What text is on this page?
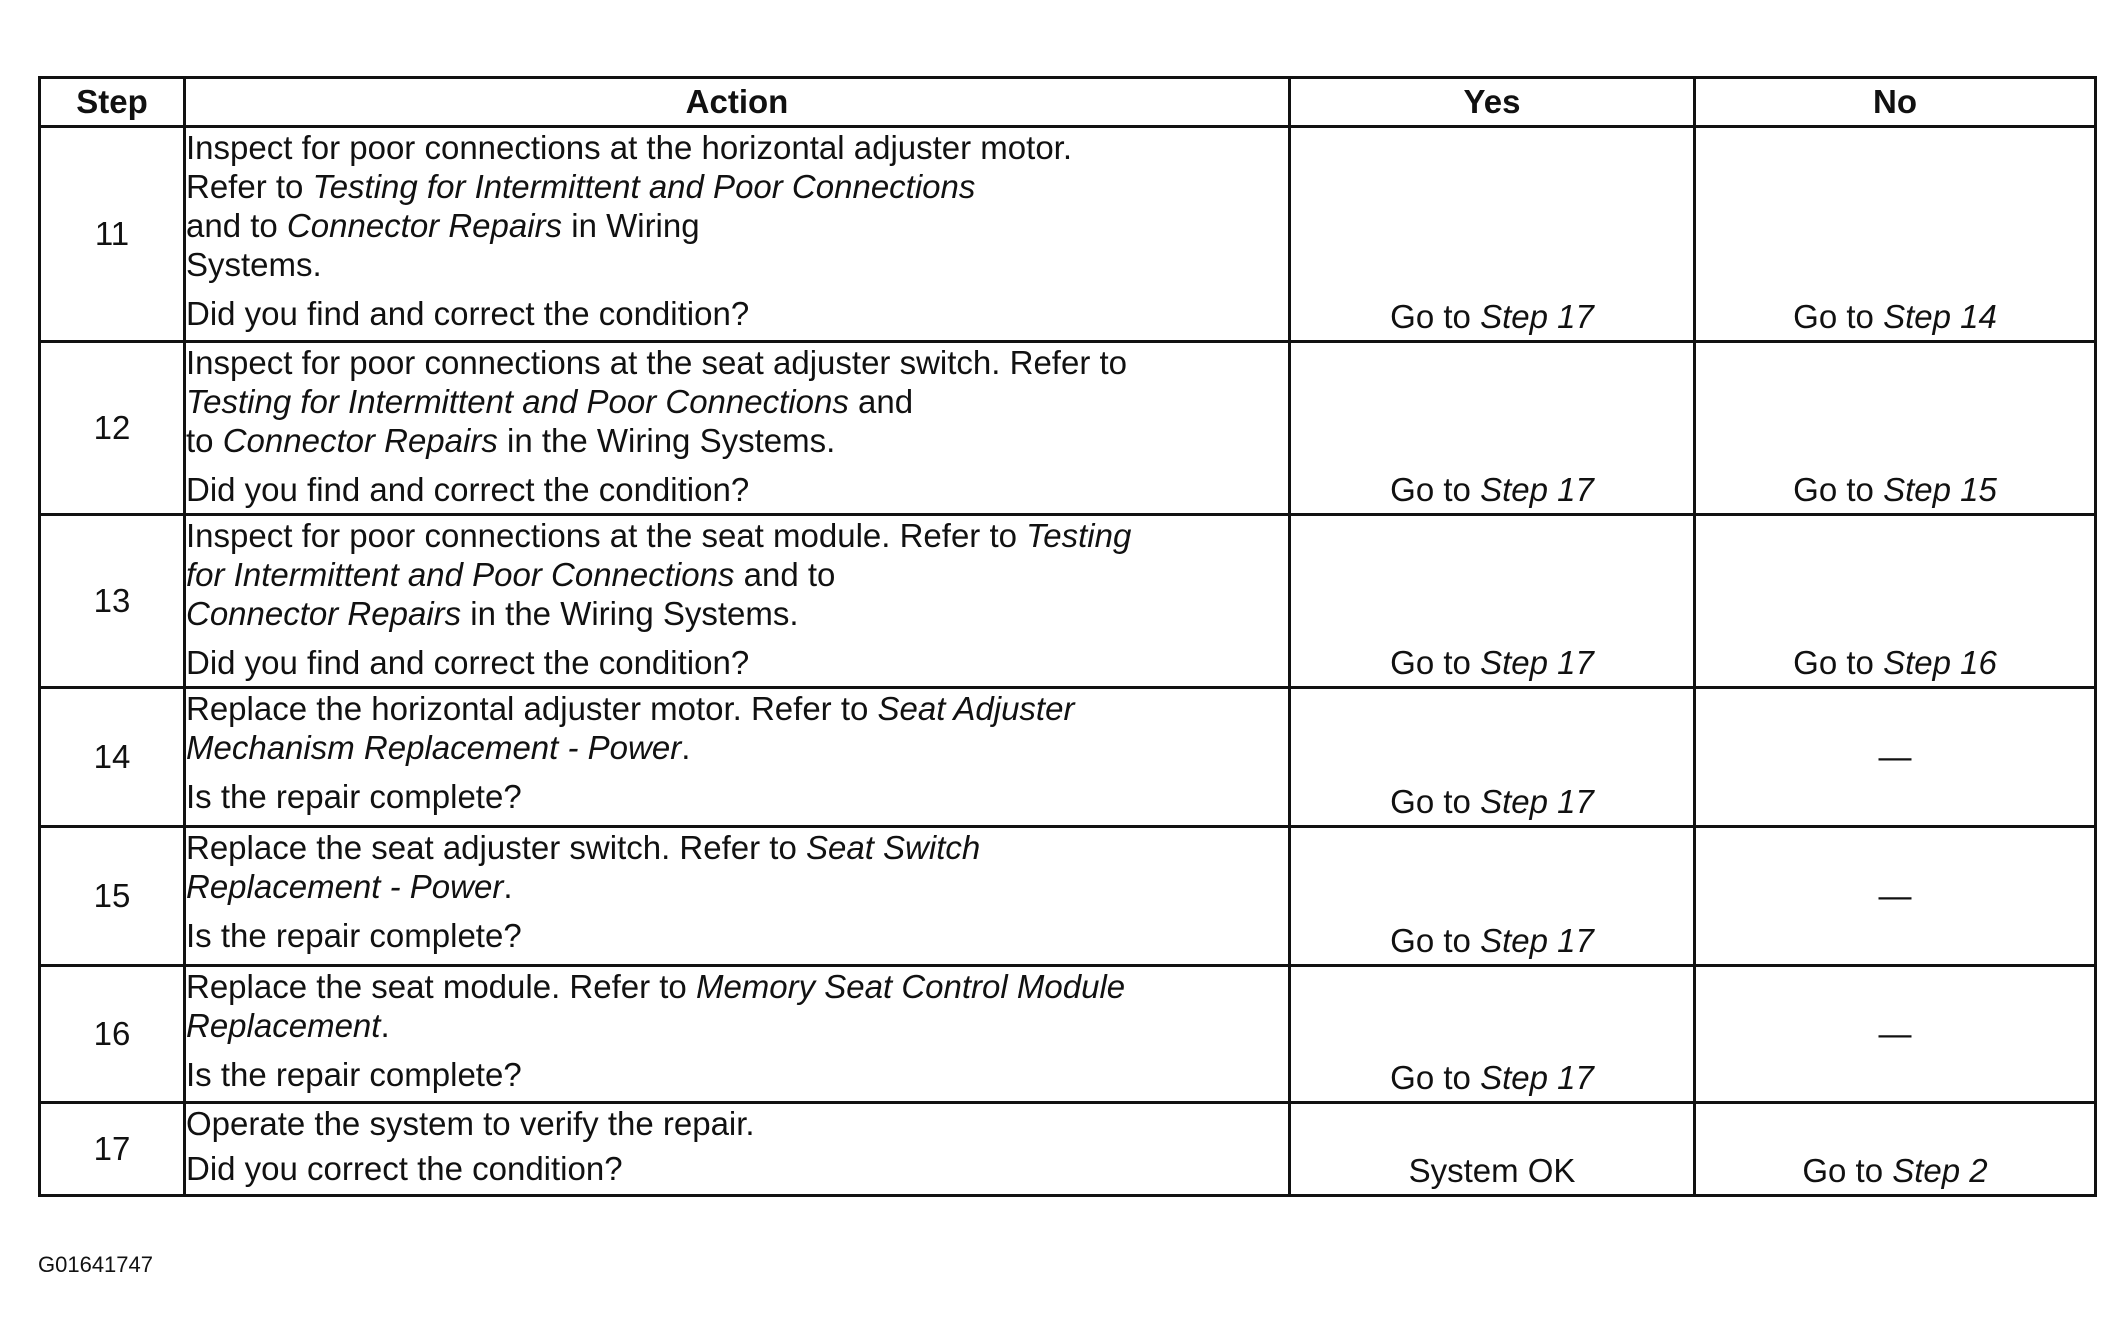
Step	Action	Yes	No
11	Inspect for poor connections at the horizontal adjuster motor.
Refer to Testing for Intermittent and Poor Connections
and to Connector Repairs in Wiring
Systems.
Did you find and correct the condition?	Go to Step 17	Go to Step 14

12	Inspect for poor connections at the seat adjuster switch. Refer to
Testing for Intermittent and Poor Connections and
to Connector Repairs in the Wiring Systems.
Did you find and correct the condition?	Go to Step 17	Go to Step 15

13	Inspect for poor connections at the seat module. Refer to Testing
for Intermittent and Poor Connections and to
Connector Repairs in the Wiring Systems.
Did you find and correct the condition?	Go to Step 17	Go to Step 16

14	Replace the horizontal adjuster motor. Refer to Seat Adjuster
Mechanism Replacement - Power.
Is the repair complete?	Go to Step 17	—

15	Replace the seat adjuster switch. Refer to Seat Switch
Replacement - Power.
Is the repair complete?	Go to Step 17	—

16	Replace the seat module. Refer to Memory Seat Control Module
Replacement.
Is the repair complete?	Go to Step 17	—

17	Operate the system to verify the repair.
Did you correct the condition?	System OK	Go to Step 2
G01641747
